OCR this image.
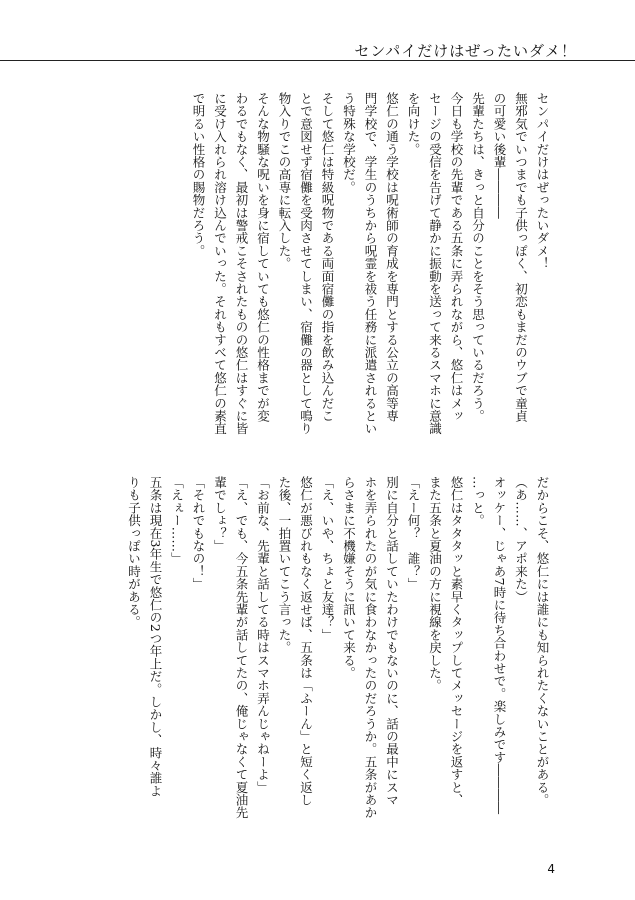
センパイだけはぜったいダメ！

センパイだけはぜったいダメ！

無邪気でいつまでも子供っぽく、初恋もまだのウブで童貞

の可愛い後輩――――

先輩たちは、きっと自分のことをそう思っているだろう。

今日も学校の先輩である五条に弄られながら、悠仁はメッ

セージの受信を告げて静かに振動を送って来るスマホに意識

を向けた。

悠仁の通う学校は呪術師の育成を専門とする公立の高等専

門学校で、学生のうちから呪霊を祓う任務に派遣されるとい

う特殊な学校だ。

そして悠仁は特級呪物である両面宿儺の指を飲み込んだこ

とで意図せず宿儺を受肉させてしまい、宿儺の器として鳴り

物入りでこの高専に転入した。

そんな物騒な呪いを身に宿していても悠仁の性格までが変

わるでもなく、最初は警戒こそされたものの悠仁はすぐに皆

に受け入れられ溶け込んでいった。それもすべて悠仁の素直

で明るい性格の賜物だろう。

だからこそ、悠仁には誰にも知られたくないことがある。

（あ……、アポ来た）

オッケー、じゃあ7時に待ち合わせで。楽しみです――――

…っと。

悠仁はタタタッと素早くタップしてメッセージを返すと、

また五条と夏油の方に視線を戻した。

「えー何？　誰？」

別に自分と話していたわけでもないのに、話の最中にスマ

ホを弄られたのが気に食わなかったのだろうか。五条があか

らさまに不機嫌そうに訊いて来る。

「え、いや、ちょと友達？」

悠仁が悪びれもなく返せば、五条は「ふーん」と短く返し

た後、一拍置いてこう言った。

「お前な、先輩と話してる時はスマホ弄んじゃねーよ」

「え、でも、今五条先輩が話してたの、俺じゃなくて夏油先

輩でしょ？」

「それでもなの！」

「えぇー……」

五条は現在3年生で悠仁の2つ年上だ。しかし、時々誰よ

りも子供っぽい時がある。

4
